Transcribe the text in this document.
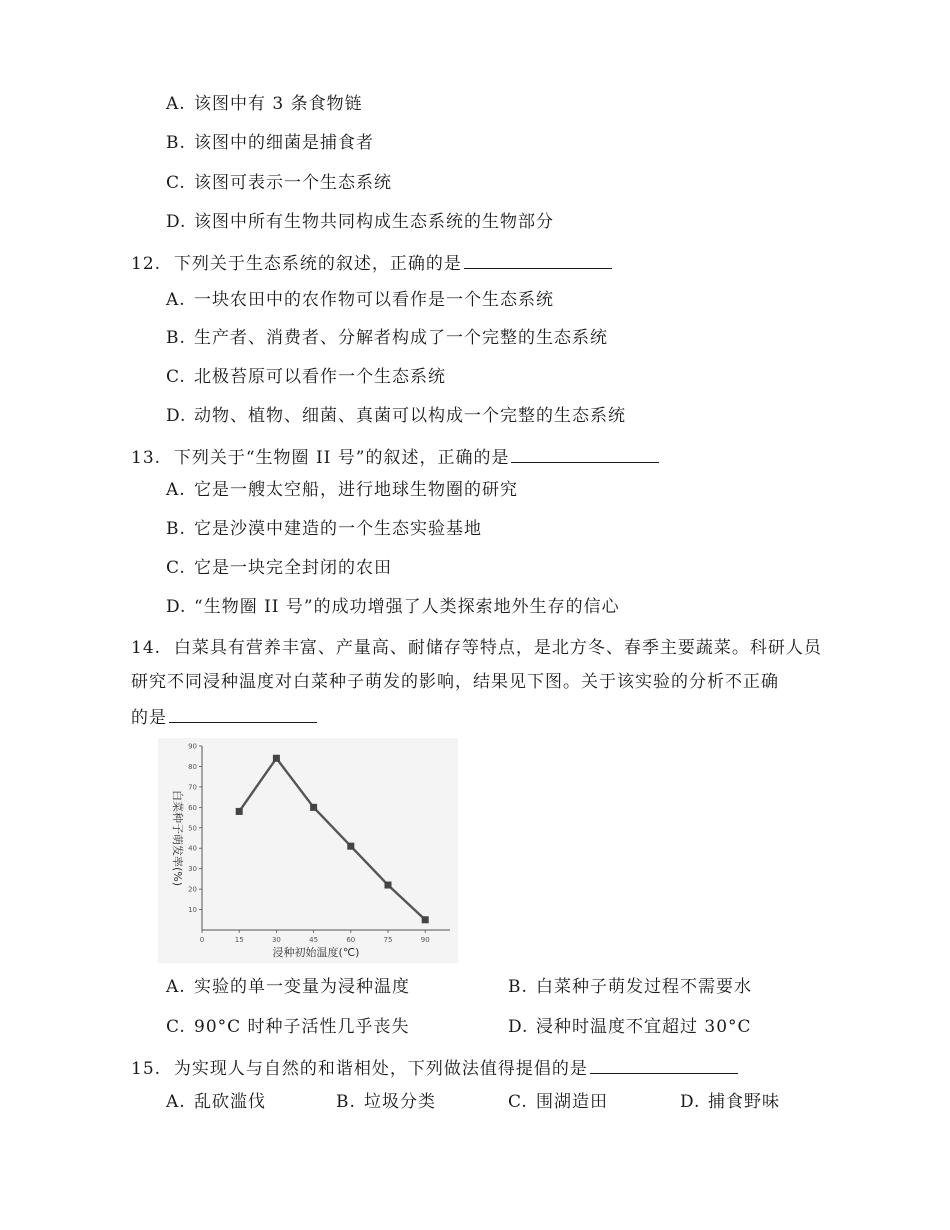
A. 该图中有 3 条食物链
B. 该图中的细菌是捕食者
C. 该图可表示一个生态系统
D. 该图中所有生物共同构成生态系统的生物部分
12. 下列关于生态系统的叙述，正确的是
A. 一块农田中的农作物可以看作是一个生态系统
B. 生产者、消费者、分解者构成了一个完整的生态系统
C. 北极苔原可以看作一个生态系统
D. 动物、植物、细菌、真菌可以构成一个完整的生态系统
13. 下列关于“生物圈 II 号”的叙述，正确的是
A. 它是一艘太空船，进行地球生物圈的研究
B. 它是沙漠中建造的一个生态实验基地
C. 它是一块完全封闭的农田
D. “生物圈 II 号”的成功增强了人类探索地外生存的信心
14. 白菜具有营养丰富、产量高、耐储存等特点，是北方冬、春季主要蔬菜。科研人员
研究不同浸种温度对白菜种子萌发的影响，结果见下图。关于该实验的分析不正确
的是
10
20
30
40
50
60
70
80
90
0	15	30	45	60	75	90
浸种初始温度(℃)
白菜种子萌发率(%)
A. 实验的单一变量为浸种温度	B. 白菜种子萌发过程不需要水
C. 90°C 时种子活性几乎丧失	D. 浸种时温度不宜超过 30°C
15. 为实现人与自然的和谐相处，下列做法值得提倡的是
A. 乱砍滥伐	B. 垃圾分类	C. 围湖造田	D. 捕食野味
